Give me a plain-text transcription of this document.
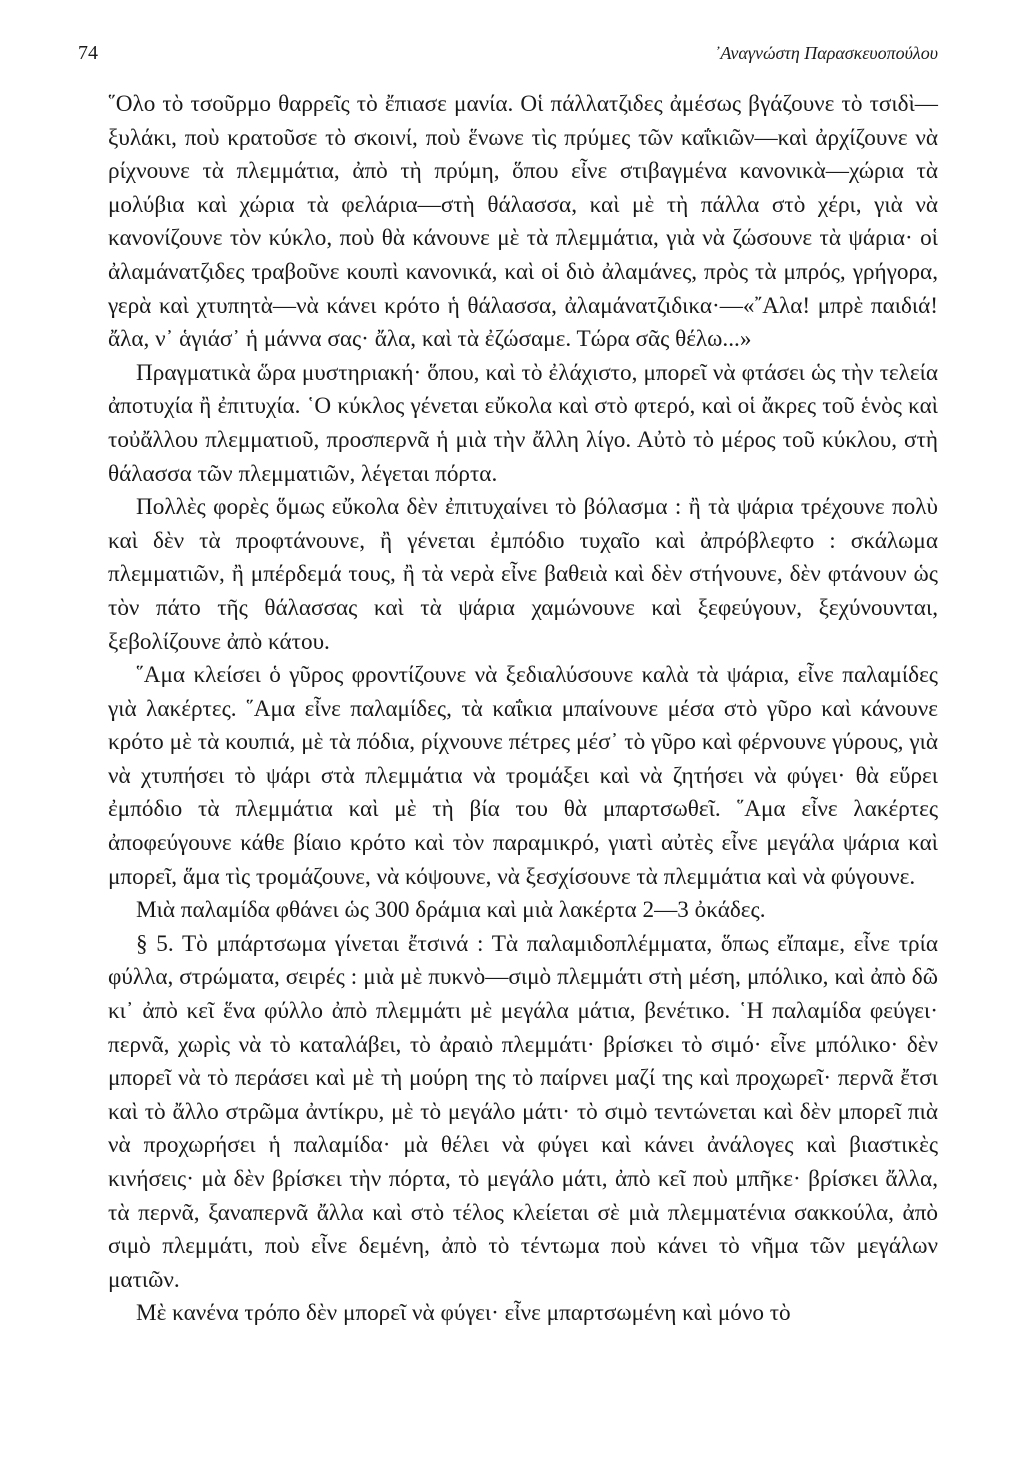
74	᾿Αναγνώστη Παρασκευοπούλου

῞Ολο τὸ τσοῦρμο θαρρεῖς τὸ ἔπιασε μανία. Οἱ πάλλατζιδες ἀμέσως βγάζουνε τὸ τσιδὶ—ξυλάκι, ποὺ κρατοῦσε τὸ σκοινί, ποὺ ἕνωνε τὶς πρύμες τῶν καΐκιῶν—καὶ ἀρχίζουνε νὰ ρίχνουνε τὰ πλεμμάτια, ἀπὸ τὴ πρύμη, ὅπου εἶνε στιβαγμένα κανονικὰ—χώρια τὰ μολύβια καὶ χώρια τὰ φελάρια—στὴ θάλασσα, καὶ μὲ τὴ πάλλα στὸ χέρι, γιὰ νὰ κανονίζουνε τὸν κύκλο, ποὺ θὰ κάνουνε μὲ τὰ πλεμμάτια, γιὰ νὰ ζώσουνε τὰ ψάρια· οἱ ἀλαμάνατζιδες τραβοῦνε κουπὶ κανονικά, καὶ οἱ διὸ ἀλαμάνες, πρὸς τὰ μπρός, γρήγορα, γερὰ καὶ χτυπητὰ—νὰ κάνει κρότο ἡ θάλασσα, ἀλαμάνατζιδικα·—«῎Αλα! μπρὲ παιδιά! ἄλα, ν᾿ ἁγιάσ᾿ ἡ μάννα σας· ἄλα, καὶ τὰ ἐζώσαμε. Τώρα σᾶς θέλω...»

Πραγματικὰ ὥρα μυστηριακή· ὅπου, καὶ τὸ ἐλάχιστο, μπορεῖ νὰ φτάσει ὡς τὴν τελεία ἀποτυχία ἢ ἐπιτυχία. ῾Ο κύκλος γένεται εὔκολα καὶ στὸ φτερό, καὶ οἱ ἄκρες τοῦ ἑνὸς καὶ τοὐἄλλου πλεμματιοῦ, προσπερνᾶ ἡ μιὰ τὴν ἄλλη λίγο. Αὐτὸ τὸ μέρος τοῦ κύκλου, στὴ θάλασσα τῶν πλεμματιῶν, λέγεται πόρτα.

Πολλὲς φορὲς ὅμως εὔκολα δὲν ἐπιτυχαίνει τὸ βόλασμα : ἢ τὰ ψάρια τρέχουνε πολὺ καὶ δὲν τὰ προφτάνουνε, ἢ γένεται ἐμπόδιο τυχαῖο καὶ ἀπρόβλεφτο : σκάλωμα πλεμματιῶν, ἢ μπέρδεμά τους, ἢ τὰ νερὰ εἶνε βαθειὰ καὶ δὲν στήνουνε, δὲν φτάνουν ὡς τὸν πάτο τῆς θάλασσας καὶ τὰ ψάρια χαμώνουνε καὶ ξεφεύγουν, ξεχύνουνται, ξεβολίζουνε ἀπὸ κάτου.

῞Αμα κλείσει ὁ γῦρος φροντίζουνε νὰ ξεδιαλύσουνε καλὰ τὰ ψάρια, εἶνε παλαμίδες γιὰ λακέρτες. ῞Αμα εἶνε παλαμίδες, τὰ καΐκια μπαίνουνε μέσα στὸ γῦρο καὶ κάνουνε κρότο μὲ τὰ κουπιά, μὲ τὰ πόδια, ρίχνουνε πέτρες μέσ᾿ τὸ γῦρο καὶ φέρνουνε γύρους, γιὰ νὰ χτυπήσει τὸ ψάρι στὰ πλεμμάτια νὰ τρομάξει καὶ νὰ ζητήσει νὰ φύγει· θὰ εὕρει ἐμπόδιο τὰ πλεμμάτια καὶ μὲ τὴ βία του θὰ μπαρτσωθεῖ. ῞Αμα εἶνε λακέρτες ἀποφεύγουνε κάθε βίαιο κρότο καὶ τὸν παραμικρό, γιατὶ αὐτὲς εἶνε μεγάλα ψάρια καὶ μπορεῖ, ἅμα τὶς τρομάζουνε, νὰ κόψουνε, νὰ ξεσχίσουνε τὰ πλεμμάτια καὶ νὰ φύγουνε.

Μιὰ παλαμίδα φθάνει ὡς 300 δράμια καὶ μιὰ λακέρτα 2—3 ὀκάδες.

§ 5. Τὸ μπάρτσωμα γίνεται ἔτσινά : Τὰ παλαμιδοπλέμματα, ὅπως εἴπαμε, εἶνε τρία φύλλα, στρώματα, σειρές : μιὰ μὲ πυκνὸ—σιμὸ πλεμμάτι στὴ μέση, μπόλικο, καὶ ἀπὸ δῶ κι᾿ ἀπὸ κεῖ ἕνα φύλλο ἀπὸ πλεμμάτι μὲ μεγάλα μάτια, βενέτικο. ῾Η παλαμίδα φεύγει· περνᾶ, χωρὶς νὰ τὸ καταλάβει, τὸ ἀραιὸ πλεμμάτι· βρίσκει τὸ σιμό· εἶνε μπόλικο· δὲν μπορεῖ νὰ τὸ περάσει καὶ μὲ τὴ μούρη της τὸ παίρνει μαζί της καὶ προχωρεῖ· περνᾶ ἔτσι καὶ τὸ ἄλλο στρῶμα ἀντίκρυ, μὲ τὸ μεγάλο μάτι· τὸ σιμὸ τεντώνεται καὶ δὲν μπορεῖ πιὰ νὰ προχωρήσει ἡ παλαμίδα· μὰ θέλει νὰ φύγει καὶ κάνει ἀνάλογες καὶ βιαστικὲς κινήσεις· μὰ δὲν βρίσκει τὴν πόρτα, τὸ μεγάλο μάτι, ἀπὸ κεῖ ποὺ μπῆκε· βρίσκει ἄλλα, τὰ περνᾶ, ξαναπερνᾶ ἄλλα καὶ στὸ τέλος κλείεται σὲ μιὰ πλεμματένια σακκούλα, ἀπὸ σιμὸ πλεμμάτι, ποὺ εἶνε δεμένη, ἀπὸ τὸ τέντωμα ποὺ κάνει τὸ νῆμα τῶν μεγάλων ματιῶν.

Μὲ κανένα τρόπο δὲν μπορεῖ νὰ φύγει· εἶνε μπαρτσωμένη καὶ μόνο τὸ
